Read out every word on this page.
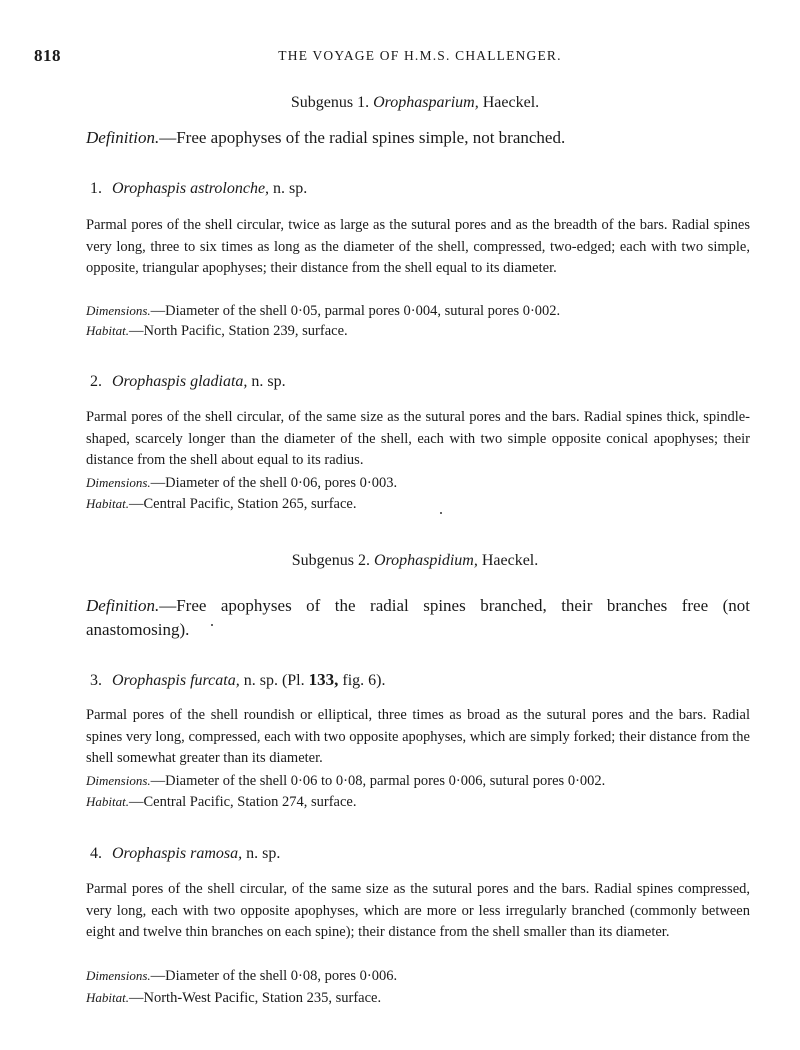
818	THE VOYAGE OF H.M.S. CHALLENGER.
Subgenus 1. Orophasparium, Haeckel.
Definition.—Free apophyses of the radial spines simple, not branched.
1. Orophaspis astrolonche, n. sp.
Parmal pores of the shell circular, twice as large as the sutural pores and as the breadth of the bars. Radial spines very long, three to six times as long as the diameter of the shell, compressed, two-edged; each with two simple, opposite, triangular apophyses; their distance from the shell equal to its diameter.
Dimensions.—Diameter of the shell 0·05, parmal pores 0·004, sutural pores 0·002.
Habitat.—North Pacific, Station 239, surface.
2. Orophaspis gladiata, n. sp.
Parmal pores of the shell circular, of the same size as the sutural pores and the bars. Radial spines thick, spindle-shaped, scarcely longer than the diameter of the shell, each with two simple opposite conical apophyses; their distance from the shell about equal to its radius.
Dimensions.—Diameter of the shell 0·06, pores 0·003.
Habitat.—Central Pacific, Station 265, surface.
Subgenus 2. Orophaspidium, Haeckel.
Definition.—Free apophyses of the radial spines branched, their branches free (not anastomosing).
3. Orophaspis furcata, n. sp. (Pl. 133, fig. 6).
Parmal pores of the shell roundish or elliptical, three times as broad as the sutural pores and the bars. Radial spines very long, compressed, each with two opposite apophyses, which are simply forked; their distance from the shell somewhat greater than its diameter.
Dimensions.—Diameter of the shell 0·06 to 0·08, parmal pores 0·006, sutural pores 0·002.
Habitat.—Central Pacific, Station 274, surface.
4. Orophaspis ramosa, n. sp.
Parmal pores of the shell circular, of the same size as the sutural pores and the bars. Radial spines compressed, very long, each with two opposite apophyses, which are more or less irregularly branched (commonly between eight and twelve thin branches on each spine); their distance from the shell smaller than its diameter.
Dimensions.—Diameter of the shell 0·08, pores 0·006.
Habitat.—North-West Pacific, Station 235, surface.
